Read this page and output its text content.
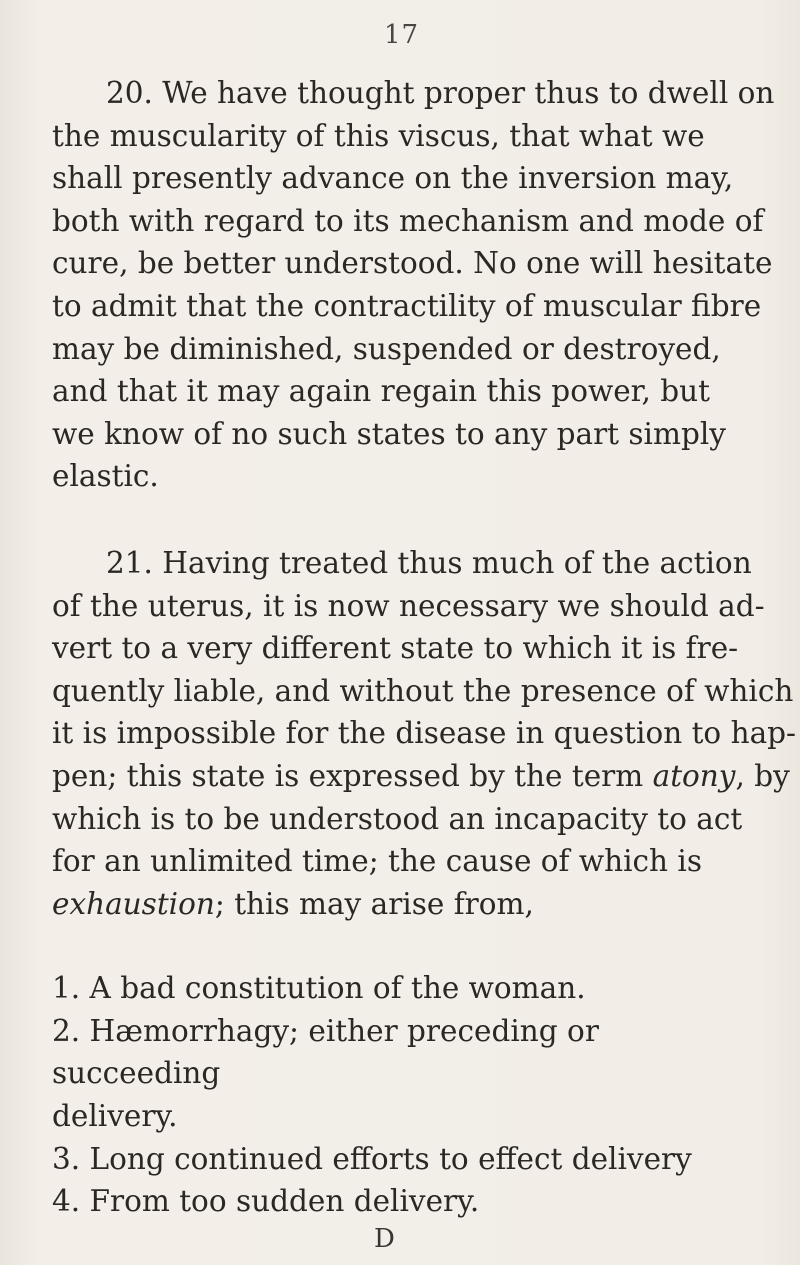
17

20. We have thought proper thus to dwell on
the muscularity of this viscus, that what we
shall presently advance on the inversion may,
both with regard to its mechanism and mode of
cure, be better understood. No one will hesitate
to admit that the contractility of muscular fibre
may be diminished, suspended or destroyed,
and that it may again regain this power, but
we know of no such states to any part simply
elastic.

21. Having treated thus much of the action
of the uterus, it is now necessary we should ad-
vert to a very different state to which it is fre-
quently liable, and without the presence of which
it is impossible for the disease in question to hap-
pen; this state is expressed by the term atony, by
which is to be understood an incapacity to act
for an unlimited time; the cause of which is
exhaustion; this may arise from,

1. A bad constitution of the woman.
2. Hæmorrhagy; either preceding or succeeding
delivery.
3. Long continued efforts to effect delivery
4. From too sudden delivery.
D
